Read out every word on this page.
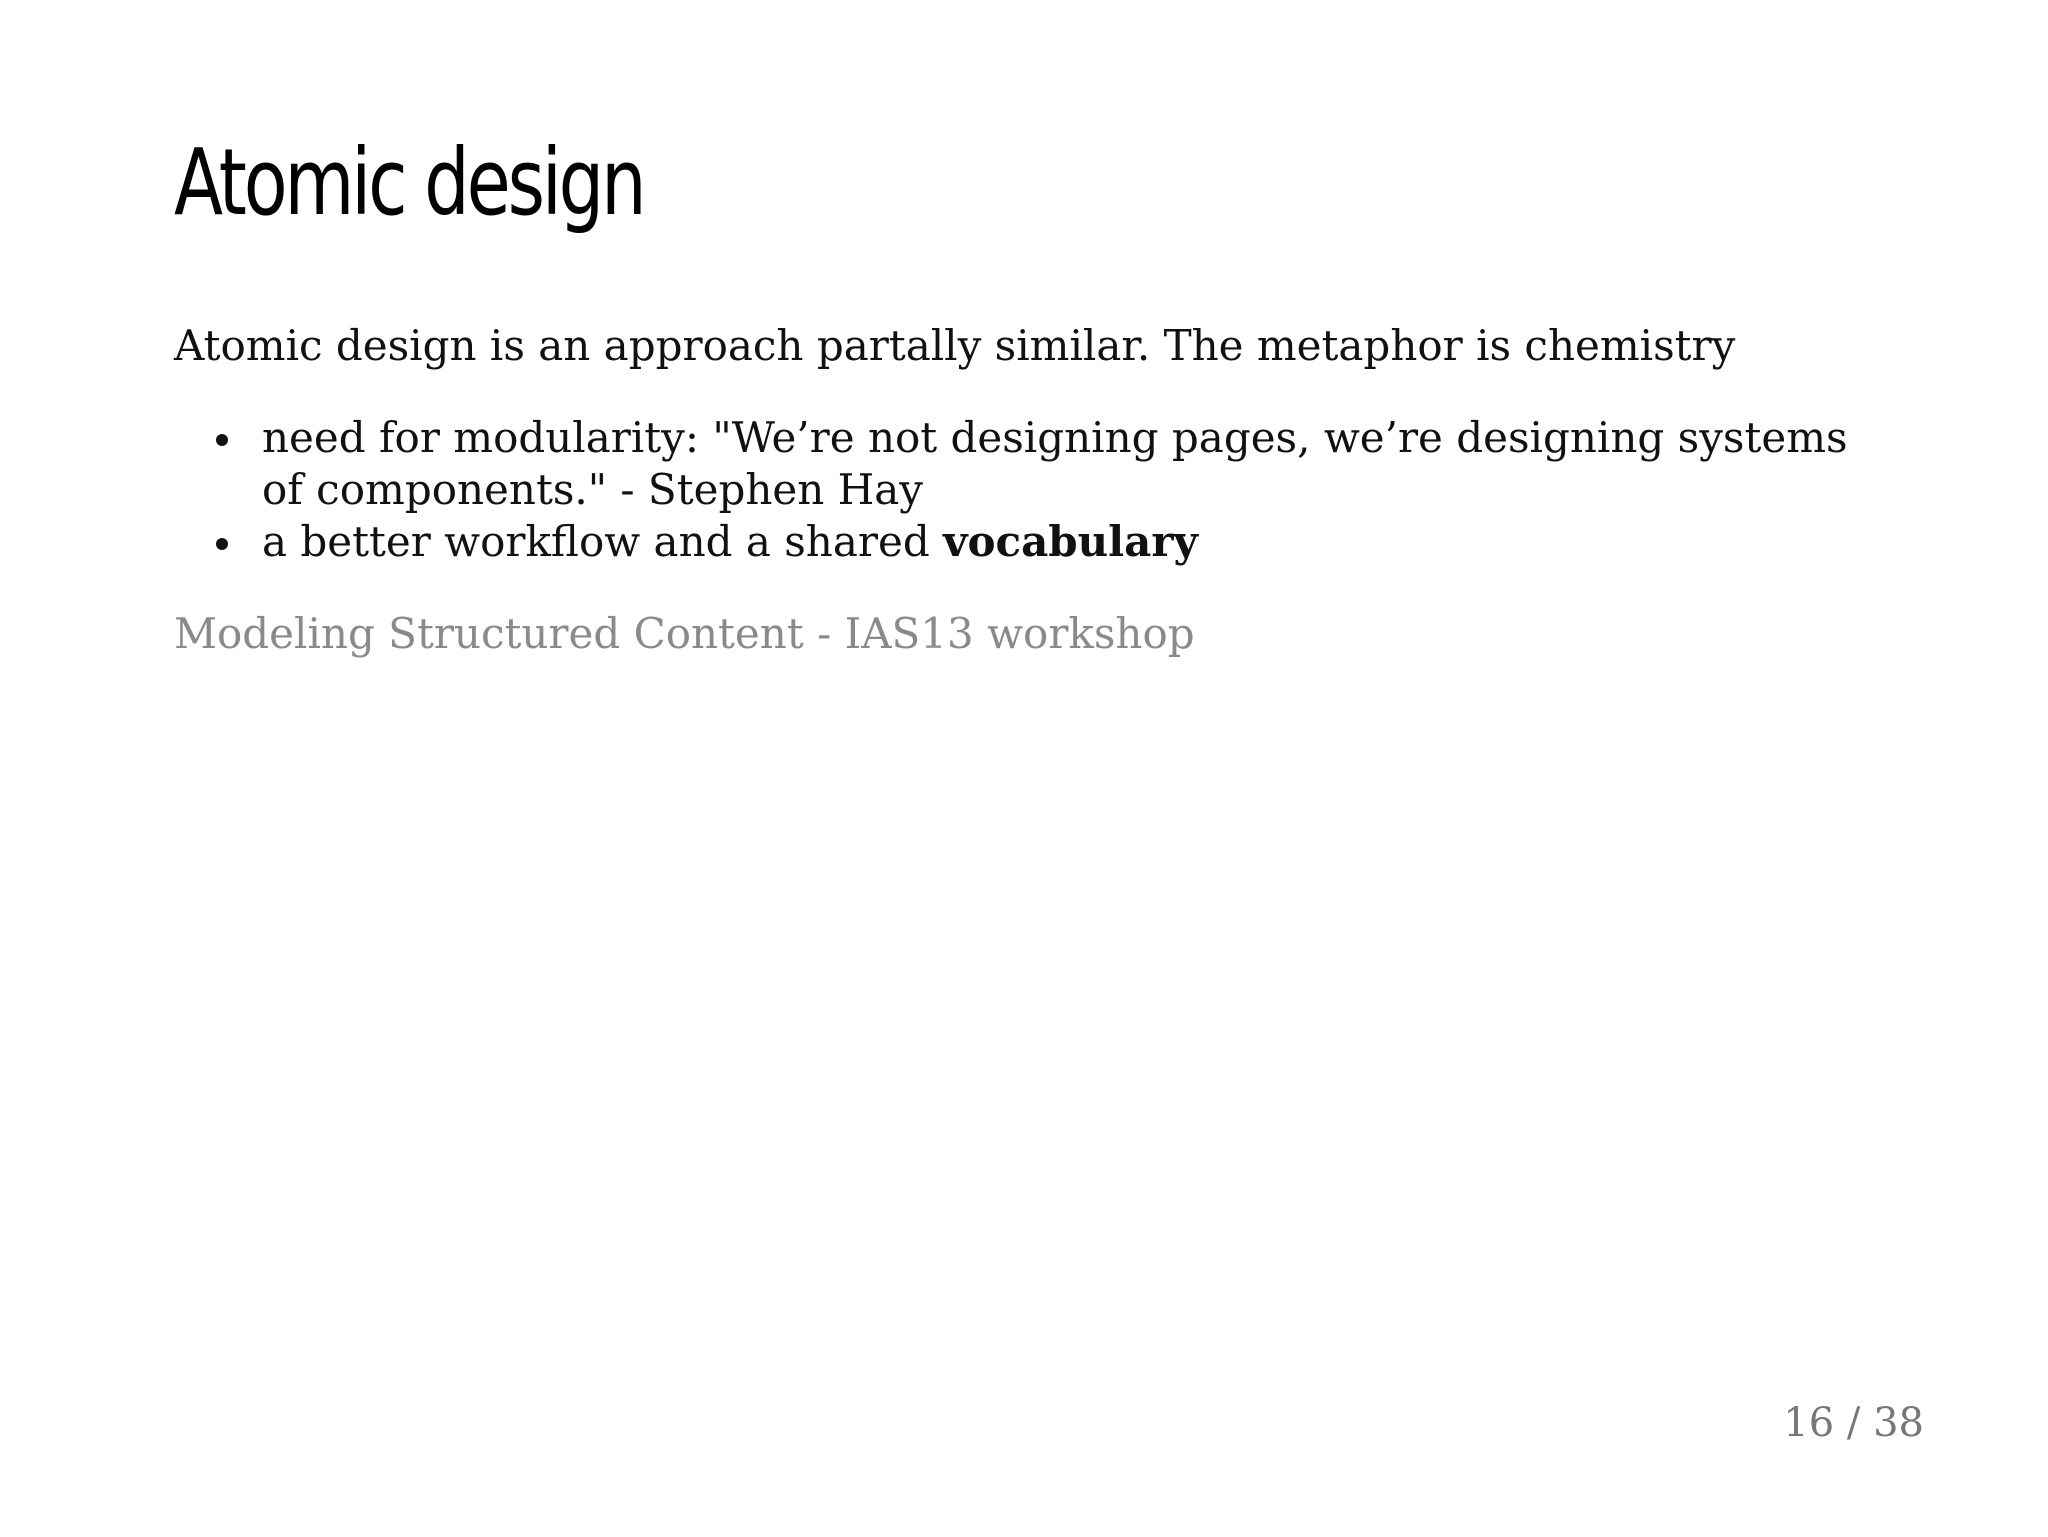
Atomic design

Atomic design is an approach partally similar. The metaphor is chemistry

need for modularity: "We’re not designing pages, we’re designing systems of components." - Stephen Hay
a better workflow and a shared vocabulary

Modeling Structured Content - IAS13 workshop

16 / 38
